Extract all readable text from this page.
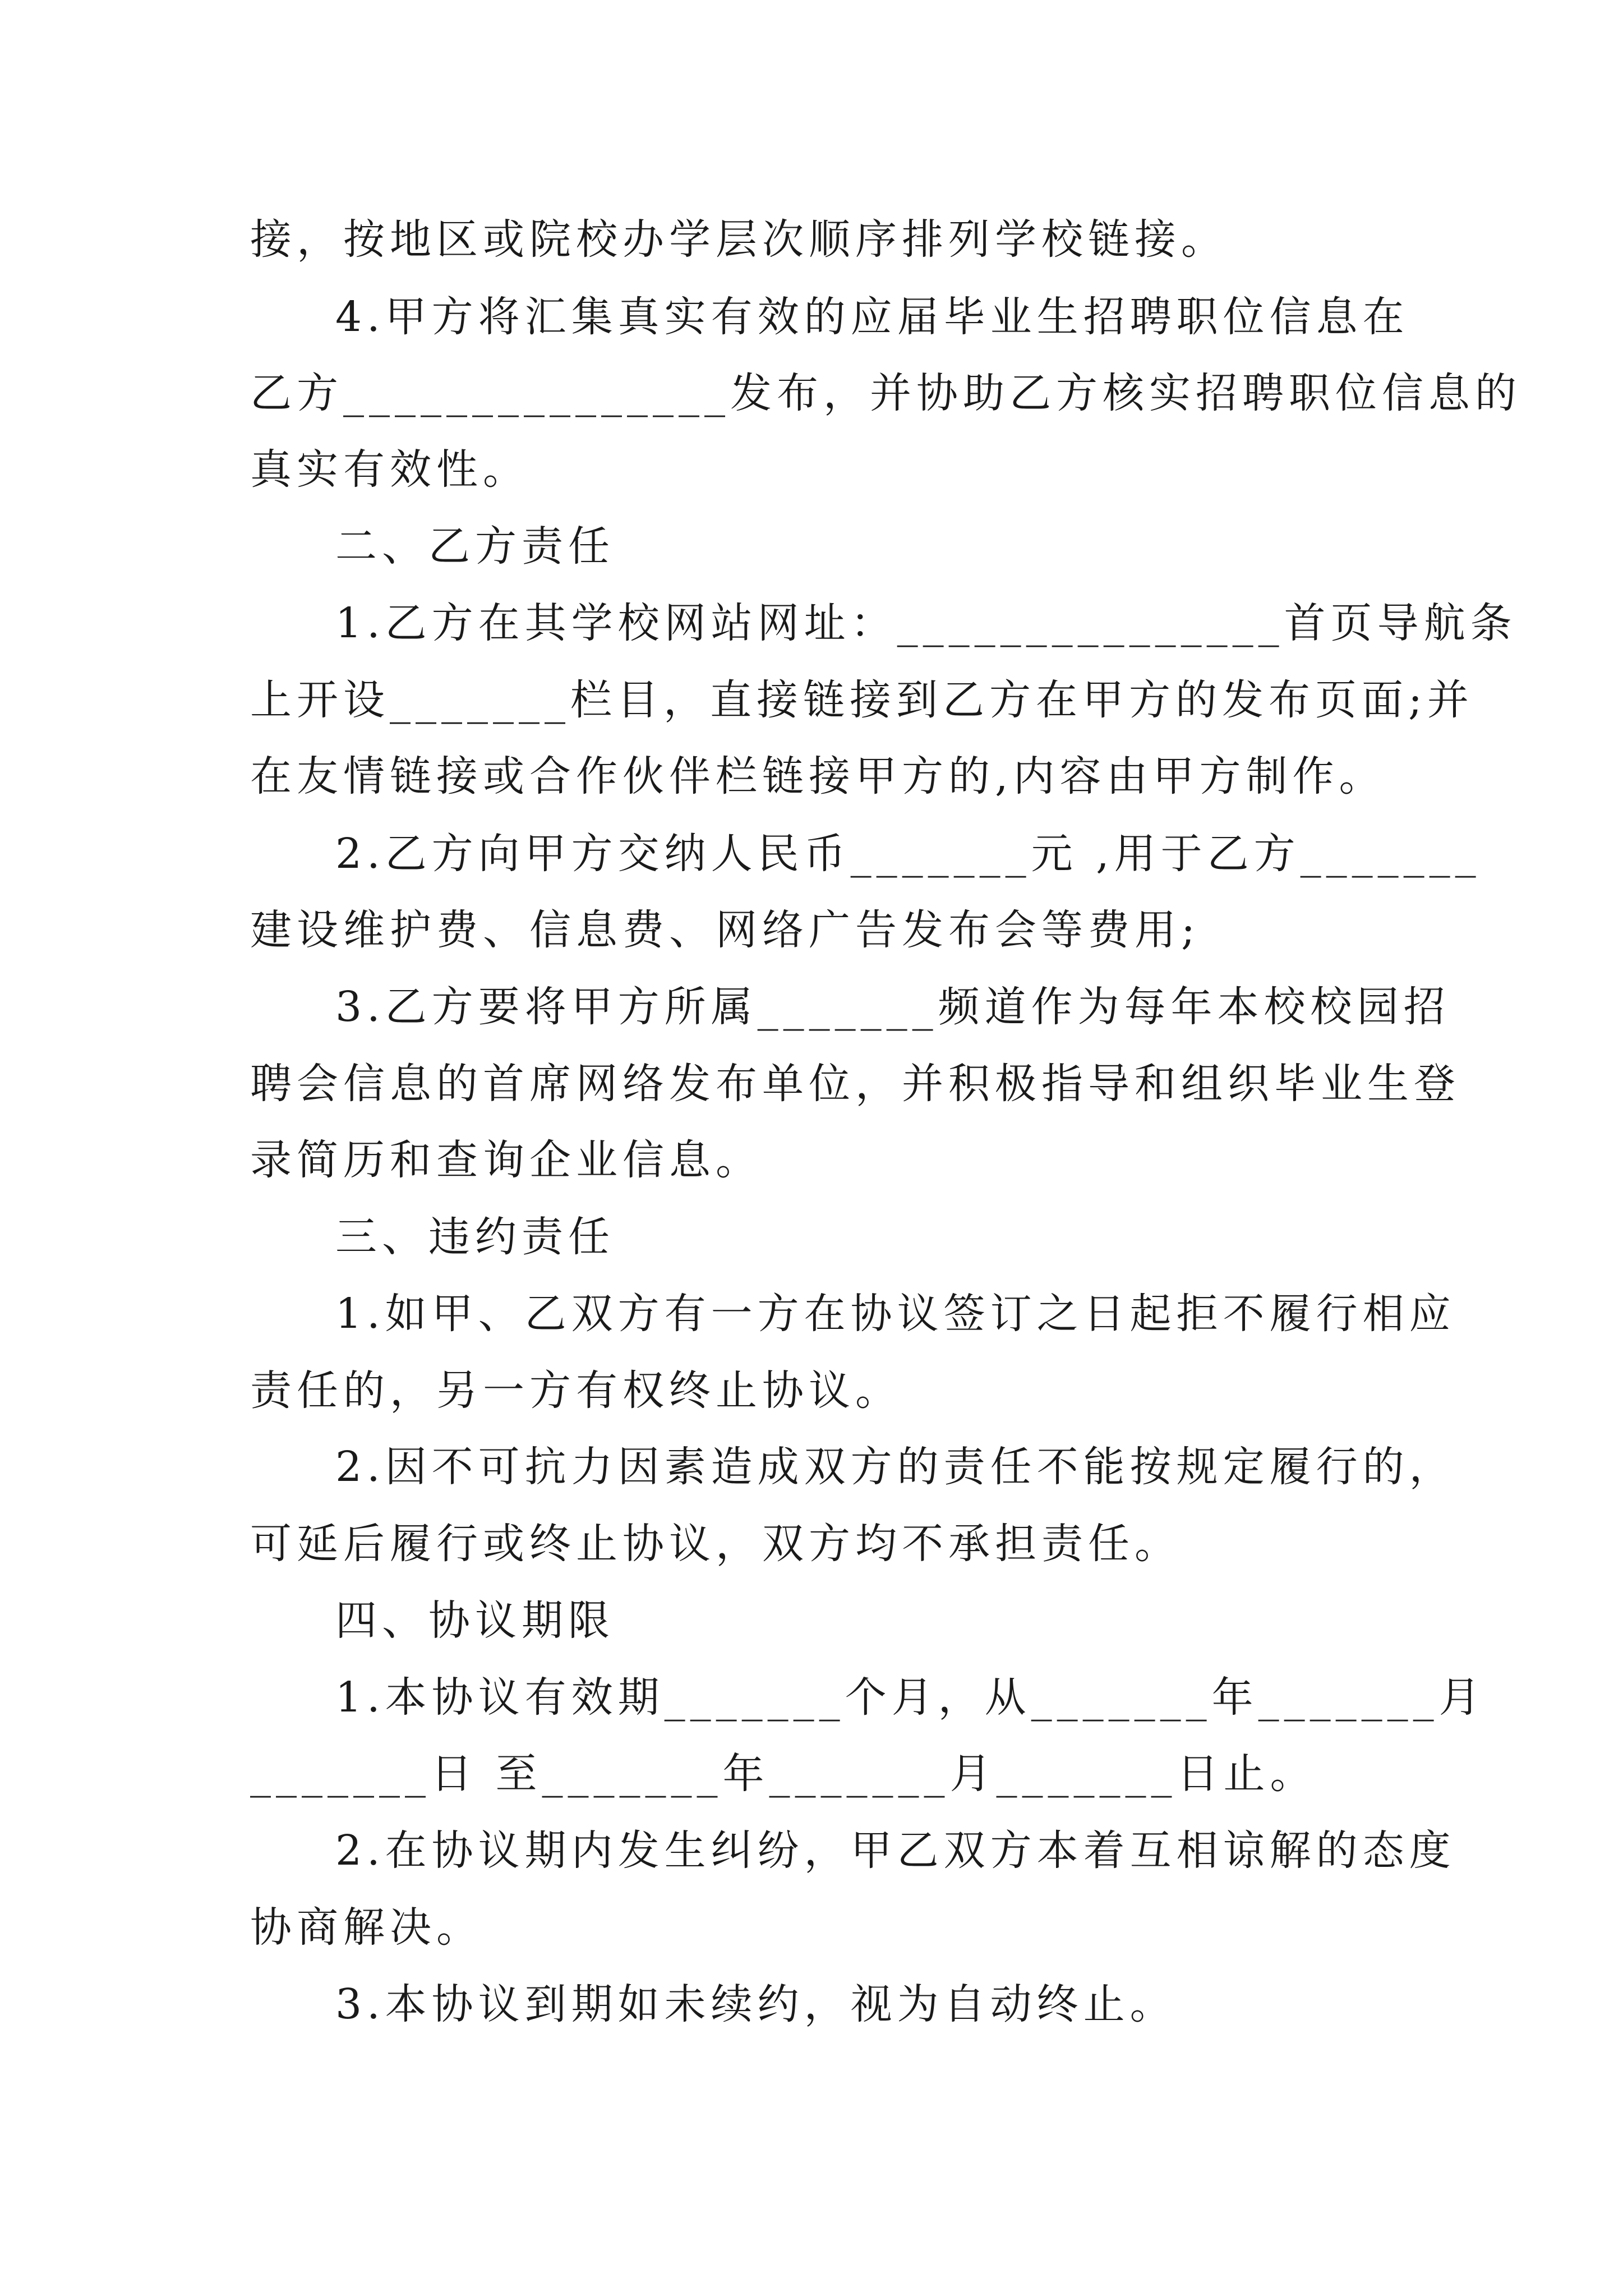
接，按地区或院校办学层次顺序排列学校链接。
4.甲方将汇集真实有效的应届毕业生招聘职位信息在
乙方_______________发布，并协助乙方核实招聘职位信息的
真实有效性。
二、乙方责任
1.乙方在其学校网站网址：_______________首页导航条
上开设_______栏目，直接链接到乙方在甲方的发布页面;并
在友情链接或合作伙伴栏链接甲方的,内容由甲方制作。
2.乙方向甲方交纳人民币_______元 ,用于乙方_______
建设维护费、信息费、网络广告发布会等费用;
3.乙方要将甲方所属_______频道作为每年本校校园招
聘会信息的首席网络发布单位，并积极指导和组织毕业生登
录简历和查询企业信息。
三、违约责任
1.如甲、乙双方有一方在协议签订之日起拒不履行相应
责任的，另一方有权终止协议。
2.因不可抗力因素造成双方的责任不能按规定履行的，
可延后履行或终止协议，双方均不承担责任。
四、协议期限
1.本协议有效期_______个月，从_______年_______月
_______日 至_______年_______月_______日止。
2.在协议期内发生纠纷，甲乙双方本着互相谅解的态度
协商解决。
3.本协议到期如未续约，视为自动终止。
